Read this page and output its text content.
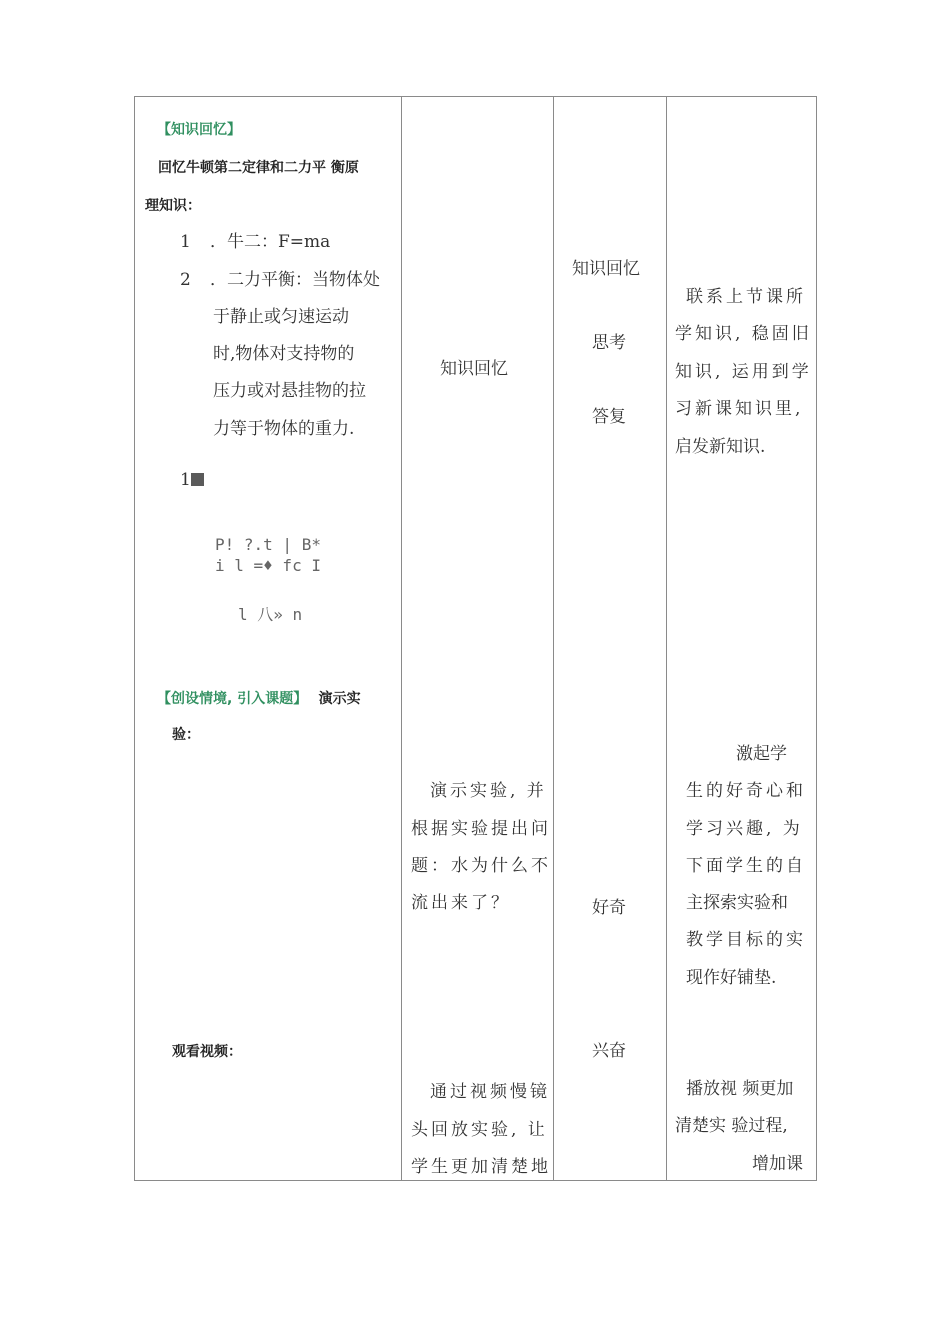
【知识回忆】
回忆牛顿第二定律和二力平 衡原
理知识：
1 ．牛二：F=ma
2 ．二力平衡：当物体处
于静止或匀速运动
时,物体对支持物的
压力或对悬挂物的拉
力等于物体的重力.
1
P! ?.t | B*
i l =♦ fc I
l 八» n
【创设情境, 引入课题】 演示实
验：
观看视频：
知识回忆
演示实验, 并
根据实验提出问
题：水为什么不
流出来了？
通过视频慢镜
头回放实验, 让
学生更加清楚地
知识回忆
思考
答复
好奇
兴奋
联系上节课所
学知识, 稳固旧
知识, 运用到学
习新课知识里,
启发新知识.
激起学
生的好奇心和
学习兴趣, 为
下面学生的自
主探索实验和
教学目标的实
现作好铺垫.
播放视 频更加
清楚实 验过程,
增加课
